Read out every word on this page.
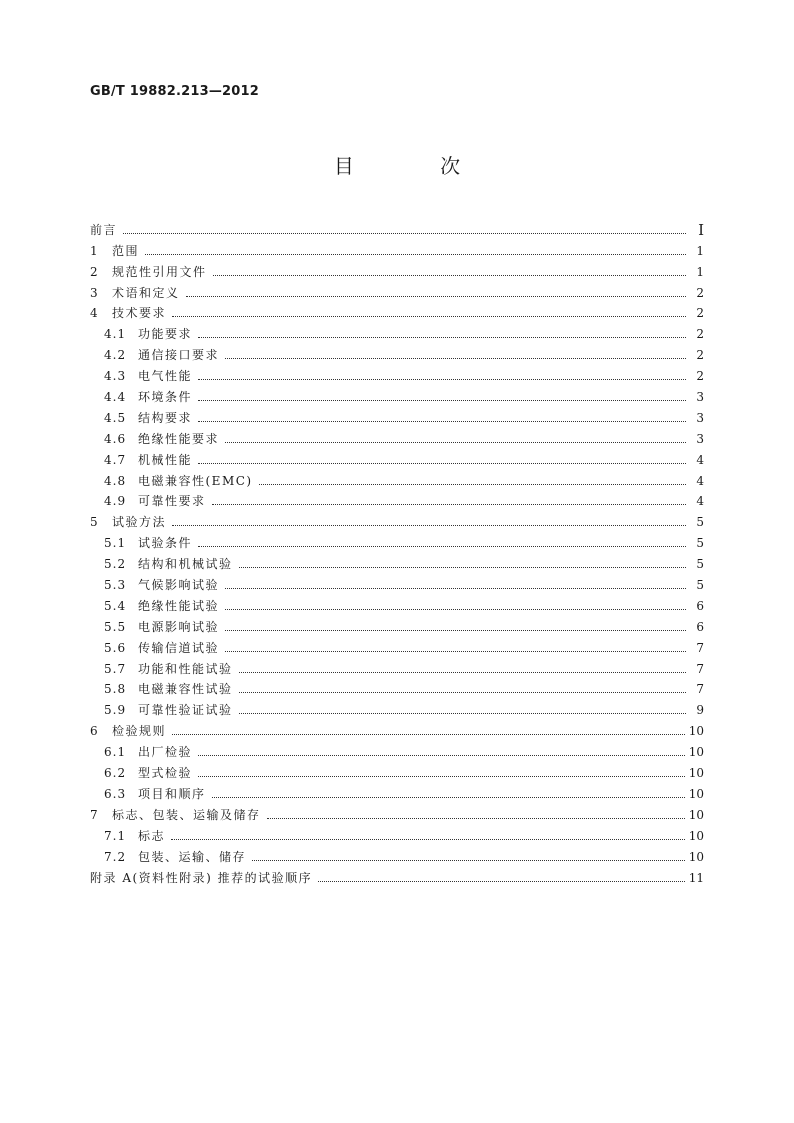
GB/T 19882.213—2012
目 次
前言	Ⅰ
1	范围	1
2	规范性引用文件	1
3	术语和定义	2
4	技术要求	2
4.1 功能要求	2
4.2 通信接口要求	2
4.3 电气性能	2
4.4 环境条件	3
4.5 结构要求	3
4.6 绝缘性能要求	3
4.7 机械性能	4
4.8 电磁兼容性(EMC)	4
4.9 可靠性要求	4
5	试验方法	5
5.1 试验条件	5
5.2 结构和机械试验	5
5.3 气候影响试验	5
5.4 绝缘性能试验	6
5.5 电源影响试验	6
5.6 传输信道试验	7
5.7 功能和性能试验	7
5.8 电磁兼容性试验	7
5.9 可靠性验证试验	9
6	检验规则	10
6.1 出厂检验	10
6.2 型式检验	10
6.3 项目和顺序	10
7	标志、包装、运输及储存	10
7.1 标志	10
7.2 包装、运输、储存	10
附录 A(资料性附录) 推荐的试验顺序	11
